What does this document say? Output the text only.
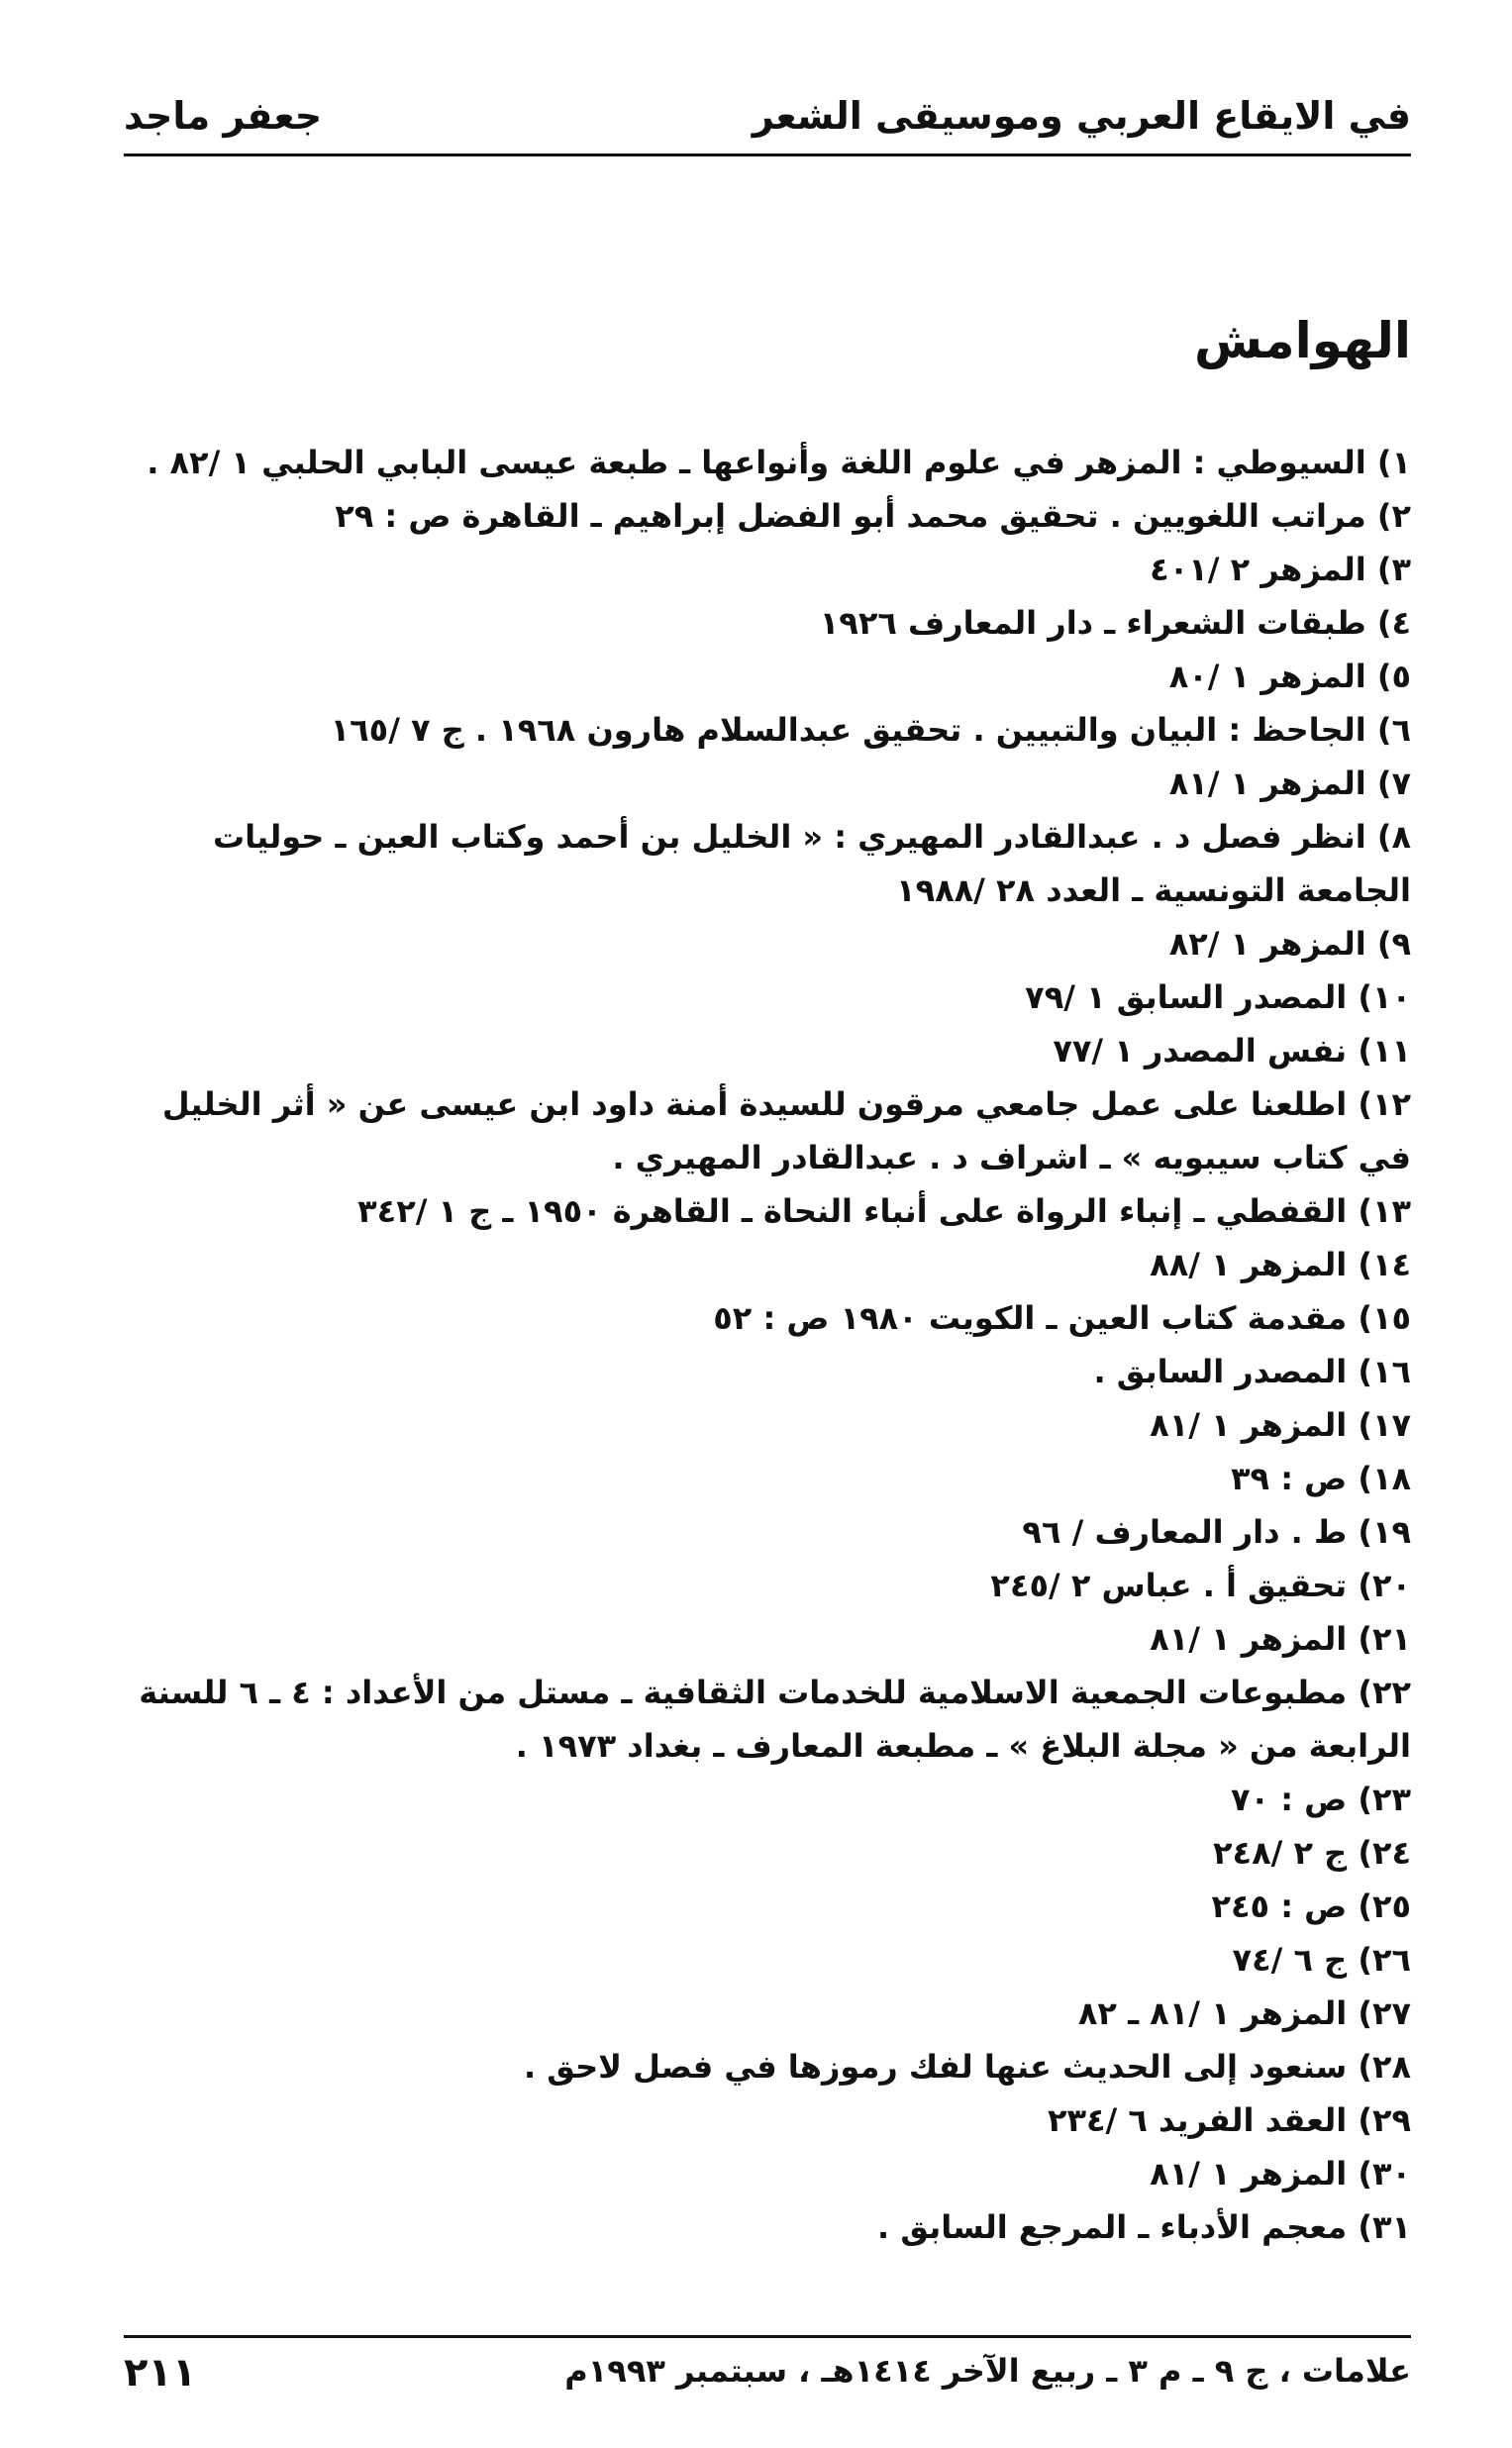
في الايقاع العربي وموسيقى الشعر
جعفر ماجد
الهوامش
١) السيوطي : المزهر في علوم اللغة وأنواعها ـ طبعة عيسى البابي الحلبي ١ /٨٢ .
٢) مراتب اللغويين . تحقيق محمد أبو الفضل إبراهيم ـ القاهرة ص : ٢٩
٣) المزهر ٢ /٤٠١
٤) طبقات الشعراء ـ دار المعارف ١٩٢٦
٥) المزهر ١ /٨٠
٦) الجاحظ : البيان والتبيين . تحقيق عبدالسلام هارون ١٩٦٨ . ج ٧ /١٦٥
٧) المزهر ١ /٨١
٨) انظر فصل د . عبدالقادر المهيري : « الخليل بن أحمد وكتاب العين ـ حوليات الجامعة التونسية ـ العدد ٢٨ /١٩٨٨
٩) المزهر ١ /٨٢
١٠) المصدر السابق ١ /٧٩
١١) نفس المصدر ١ /٧٧
١٢) اطلعنا على عمل جامعي مرقون للسيدة أمنة داود ابن عيسى عن « أثر الخليل في كتاب سيبويه » ـ اشراف د . عبدالقادر المهيري .
١٣) القفطي ـ إنباء الرواة على أنباء النحاة ـ القاهرة ١٩٥٠ ـ ج ١ /٣٤٢
١٤) المزهر ١ /٨٨
١٥) مقدمة كتاب العين ـ الكويت ١٩٨٠ ص : ٥٢
١٦) المصدر السابق .
١٧) المزهر ١ /٨١
١٨) ص : ٣٩
١٩) ط . دار المعارف / ٩٦
٢٠) تحقيق أ . عباس ٢ /٢٤٥
٢١) المزهر ١ /٨١
٢٢) مطبوعات الجمعية الاسلامية للخدمات الثقافية ـ مستل من الأعداد : ٤ ـ ٦ للسنة الرابعة من « مجلة البلاغ » ـ مطبعة المعارف ـ بغداد ١٩٧٣ .
٢٣) ص : ٧٠
٢٤) ج ٢ /٢٤٨
٢٥) ص : ٢٤٥
٢٦) ج ٦ /٧٤
٢٧) المزهر ١ /٨١ ـ ٨٢
٢٨) سنعود إلى الحديث عنها لفك رموزها في فصل لاحق .
٢٩) العقد الفريد ٦ /٢٣٤
٣٠) المزهر ١ /٨١
٣١) معجم الأدباء ـ المرجع السابق .
علامات ، ج ٩ ـ م ٣ ـ ربيع الآخر ١٤١٤هـ ، سبتمبر ١٩٩٣م
٢١١
